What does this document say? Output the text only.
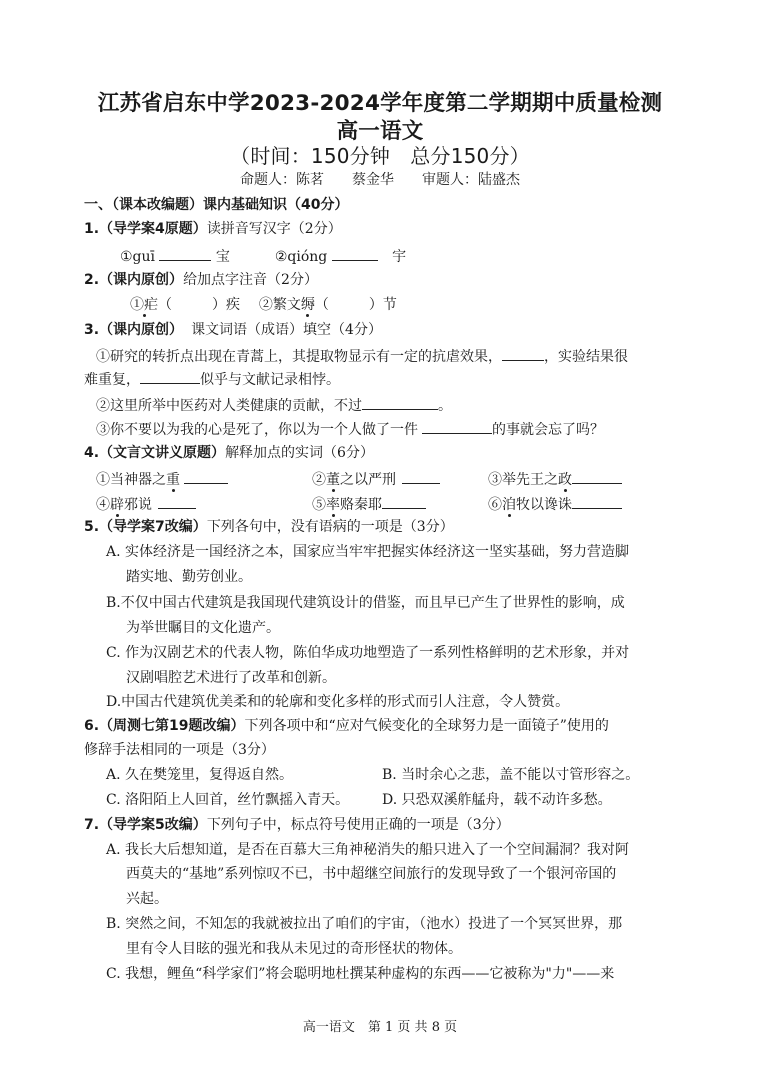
江苏省启东中学2023-2024学年度第二学期期中质量检测
高一语文
（时间：150分钟　总分150分）
命题人：陈茗　　蔡金华　　审题人：陆盛杰
一、（课本改编题）课内基础知识（40分）
1.（导学案4原题）读拼音写汉字（2分）
①guī	宝	②qióng	宇
2.（课内原创）给加点字注音（2分）
①疟（	）疾 ②繁文缛（	）节
3.（课内原创） 课文词语（成语）填空（4分）
①研究的转折点出现在青蒿上，其提取物显示有一定的抗虐效果，	，实验结果很
难重复，	似乎与文献记录相悖。
②这里所举中医药对人类健康的贡献，不过	。
③你不要以为我的心是死了，你以为一个人做了一件	的事就会忘了吗？
4.（文言文讲义原题）解释加点的实词（6分）
①当神器之重	②董之以严刑	③举先王之政
④辟邪说	⑤率赂秦耶	⑥洎牧以谗诛
5.（导学案7改编）下列各句中，没有语病的一项是（3分）
A. 实体经济是一国经济之本，国家应当牢牢把握实体经济这一坚实基础，努力营造脚
踏实地、勤劳创业。
B.不仅中国古代建筑是我国现代建筑设计的借鉴，而且早已产生了世界性的影响，成
为举世瞩目的文化遗产。
C. 作为汉剧艺术的代表人物，陈伯华成功地塑造了一系列性格鲜明的艺术形象，并对
汉剧唱腔艺术进行了改革和创新。
D.中国古代建筑优美柔和的轮廓和变化多样的形式而引人注意，令人赞赏。
6.（周测七第19题改编）下列各项中和“应对气候变化的全球努力是一面镜子”使用的
修辞手法相同的一项是（3分）
A. 久在樊笼里，复得返自然。	B. 当时余心之悲，盖不能以寸管形容之。
C. 洛阳陌上人回首，丝竹飘摇入青天。 D. 只恐双溪舴艋舟，载不动许多愁。
7.（导学案5改编）下列句子中，标点符号使用正确的一项是（3分）
A. 我长大后想知道，是否在百慕大三角神秘消失的船只进入了一个空间漏洞？我对阿
西莫夫的“基地”系列惊叹不已，书中超继空间旅行的发现导致了一个银河帝国的
兴起。
B. 突然之间，不知怎的我就被拉出了咱们的宇宙，（池水）投进了一个冥冥世界，那
里有令人目眩的强光和我从未见过的奇形怪状的物体。
C. 我想，鲤鱼“科学家们”将会聪明地杜撰某种虚构的东西——它被称为"力"——来
高一语文　第 1 页 共 8 页
